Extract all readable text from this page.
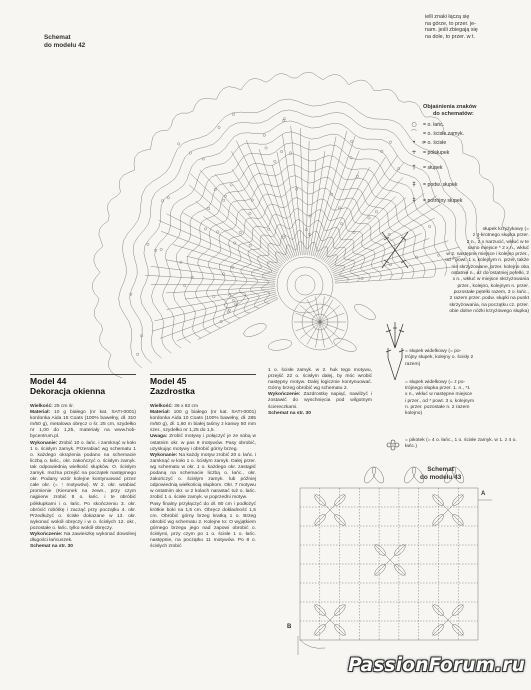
Schemat
do modelu 42
ielli znaki łączą się
na górze, to przer. je-
nam. jeśli zbiegają się
na dole, to przer. w t.
Objaśnienia znaków
do schematów:
○	= o. łańc.
⌒	= o. ścisłe zamyk.
•	= o. ścisłe
+	= półsłupek
†	= słupek
‡	= podw. słupek
‡	= potrójny słupek
słupek krzyżykowy (=
z 4-krotnego słupka przer.
2 n., 2 x narzucić, wkłuć w te
samo miejsce * 2 x n., wkłuć
w 2. następne miejsce i kolejno przer.,
od * powt. 1 x, kolejnym n. przer. także
nie skrzyżowane, przer. kolejno oba
ostatnie n., aż do ostatniej pętelki, 2
x n., wkłuć w miejsce skrzyżowania
przer., kolejno, kolejnym n. przer.
pozostałe pętelki razem, 3 o. łańc.,
2 razem przer. podw. słupki na punkt
skrzyżowania, na początku cz. przer.
obie dolne nóżki krzyżowego słupka)
= słupek widelkowy (= po-
trójny słupek, kolejny o. ścisły 2
razem)
= słupek widelkowy (= z po-
trójnego słupka przer. 1. n., *1
x n., wkłuć w następne miejsce
i przer., od * powt. 3 x, kolejnym
n. przer. pozostałe n. 2 razem
kolejno)
= pikotek (= 4 o. łańc., 1 o. ścisłe zamyk. w 1. z 4 o. łańc.)
Model 44
Dekoracja okienna
Model 45
Zazdrostka

Wielkość: 25 cm śr.

Materiał: 10 g białego (nr kat. SATI-0001) kordonka Aida 15 Coats (100% bawełny, dł. 310 m/50 g), metalowa obręcz o śr. 25 cm, szydełko nr 1,00 do 1,25, materiały na www.hob-bycentrum.pl.

Wykonanie: Zrobić 10 o. łańc. i zamknąć w koło 1 o. ścisłym zamyk. Przerabiać wg schematu 1 o. każdego okrążenia podano na schemacie liczbą o. łańc., okr. zakończyć o. ścisłym zamyk. tak odpowiednią wielkość słupków. O. ścisłym zamyk. można przejść na początek następnego okr. Podany wzór kolejne kontynuować przez całe okr. (= ↑ motywów). W 2. okr. wrabiać promienie (Kierunek na zewn., przy czym najpierw zrobić 8 o. łańc. i te obróbić półsłupkami i o. łańc. Po skończeniu 3. okr. obrócić robótkę i zacząć przy początku 4. okr. Przedłużyć o. ścisłe dokazane w 13. okr. wykonać wokół obręczy i w o. ścisłych 12. okr., pozostałe o. łańc. tylko wokół obręczy.

Wykończenie: Na zawieszkę wykonać dowolnej długości łańcuszek.

Schemat na str. 30

Wielkość: 36 x 82 cm

Materiał: 100 g białego (nr kat. SATI-0001) kordonka Aida 10 Coats (100% bawełny, dł. 285 m/50 g), dł. 1,60 m białej taśmy z kanwy 50 mm szer., szydełko nr 1,25 do 1,5.

Uwaga: Zrobić motywy i połączyć je ze sobą w ostatnim okr. w pas 9 motywów. Pasy obrobić, uzyskując motywy i obrobić górny brzeg.

Wykonanie: Na każdy motyw zrobić 20 o. łańc. i zamknąć w koło 1 o. ścisłym zamyk. Dalej przer. wg schematu w okr. 1 o. każdego okr. zastąpić podaną na schemacie liczbą o. łańc., okr. zakończyć o. ścisłym zamyk. lub później odpowiednią wielkością słupkom. Okr. 7 motywu w ostatnim okr. w 2 kolach narastać tuż o. łańc. zrobić 1 o. ścisłe zamyk. w poprzedni motyw.

Pasy finalny przyłączyć do dł. 80 cm i podłożyć krótkie boki na 1,5 cm. Obręcz dokładność 1,5 cm. Obrobić górny brzeg kratką 1 o. Brzeg obrobić wg schematu 2. Kolejne to: O wyjątkiem górnego brzegu jego nad zapowi obrobić o. ścisłymi, przy czym po 1 o. ścisłe 1 o. łańc. następnie, na początku 11 motywów. Po 8 o. ścisłych zrobić

1 o. ścisłe zamyk. w 2. huk tego motywu, przejść 22 o. ścisłym dalej, by móc wrobić następny motyw. Dalej łogicznie kontynuować. Górny brzeg obrobić wg schematu 2.

Wykończenie: Zazdrostkę napiąć, nawilżyć i zostawić do wyschnięcia pod wilgotnym ściereczkami.

Schemat na str. 30

Schemat
do modelu 43
A
B
PassionForum.ru
